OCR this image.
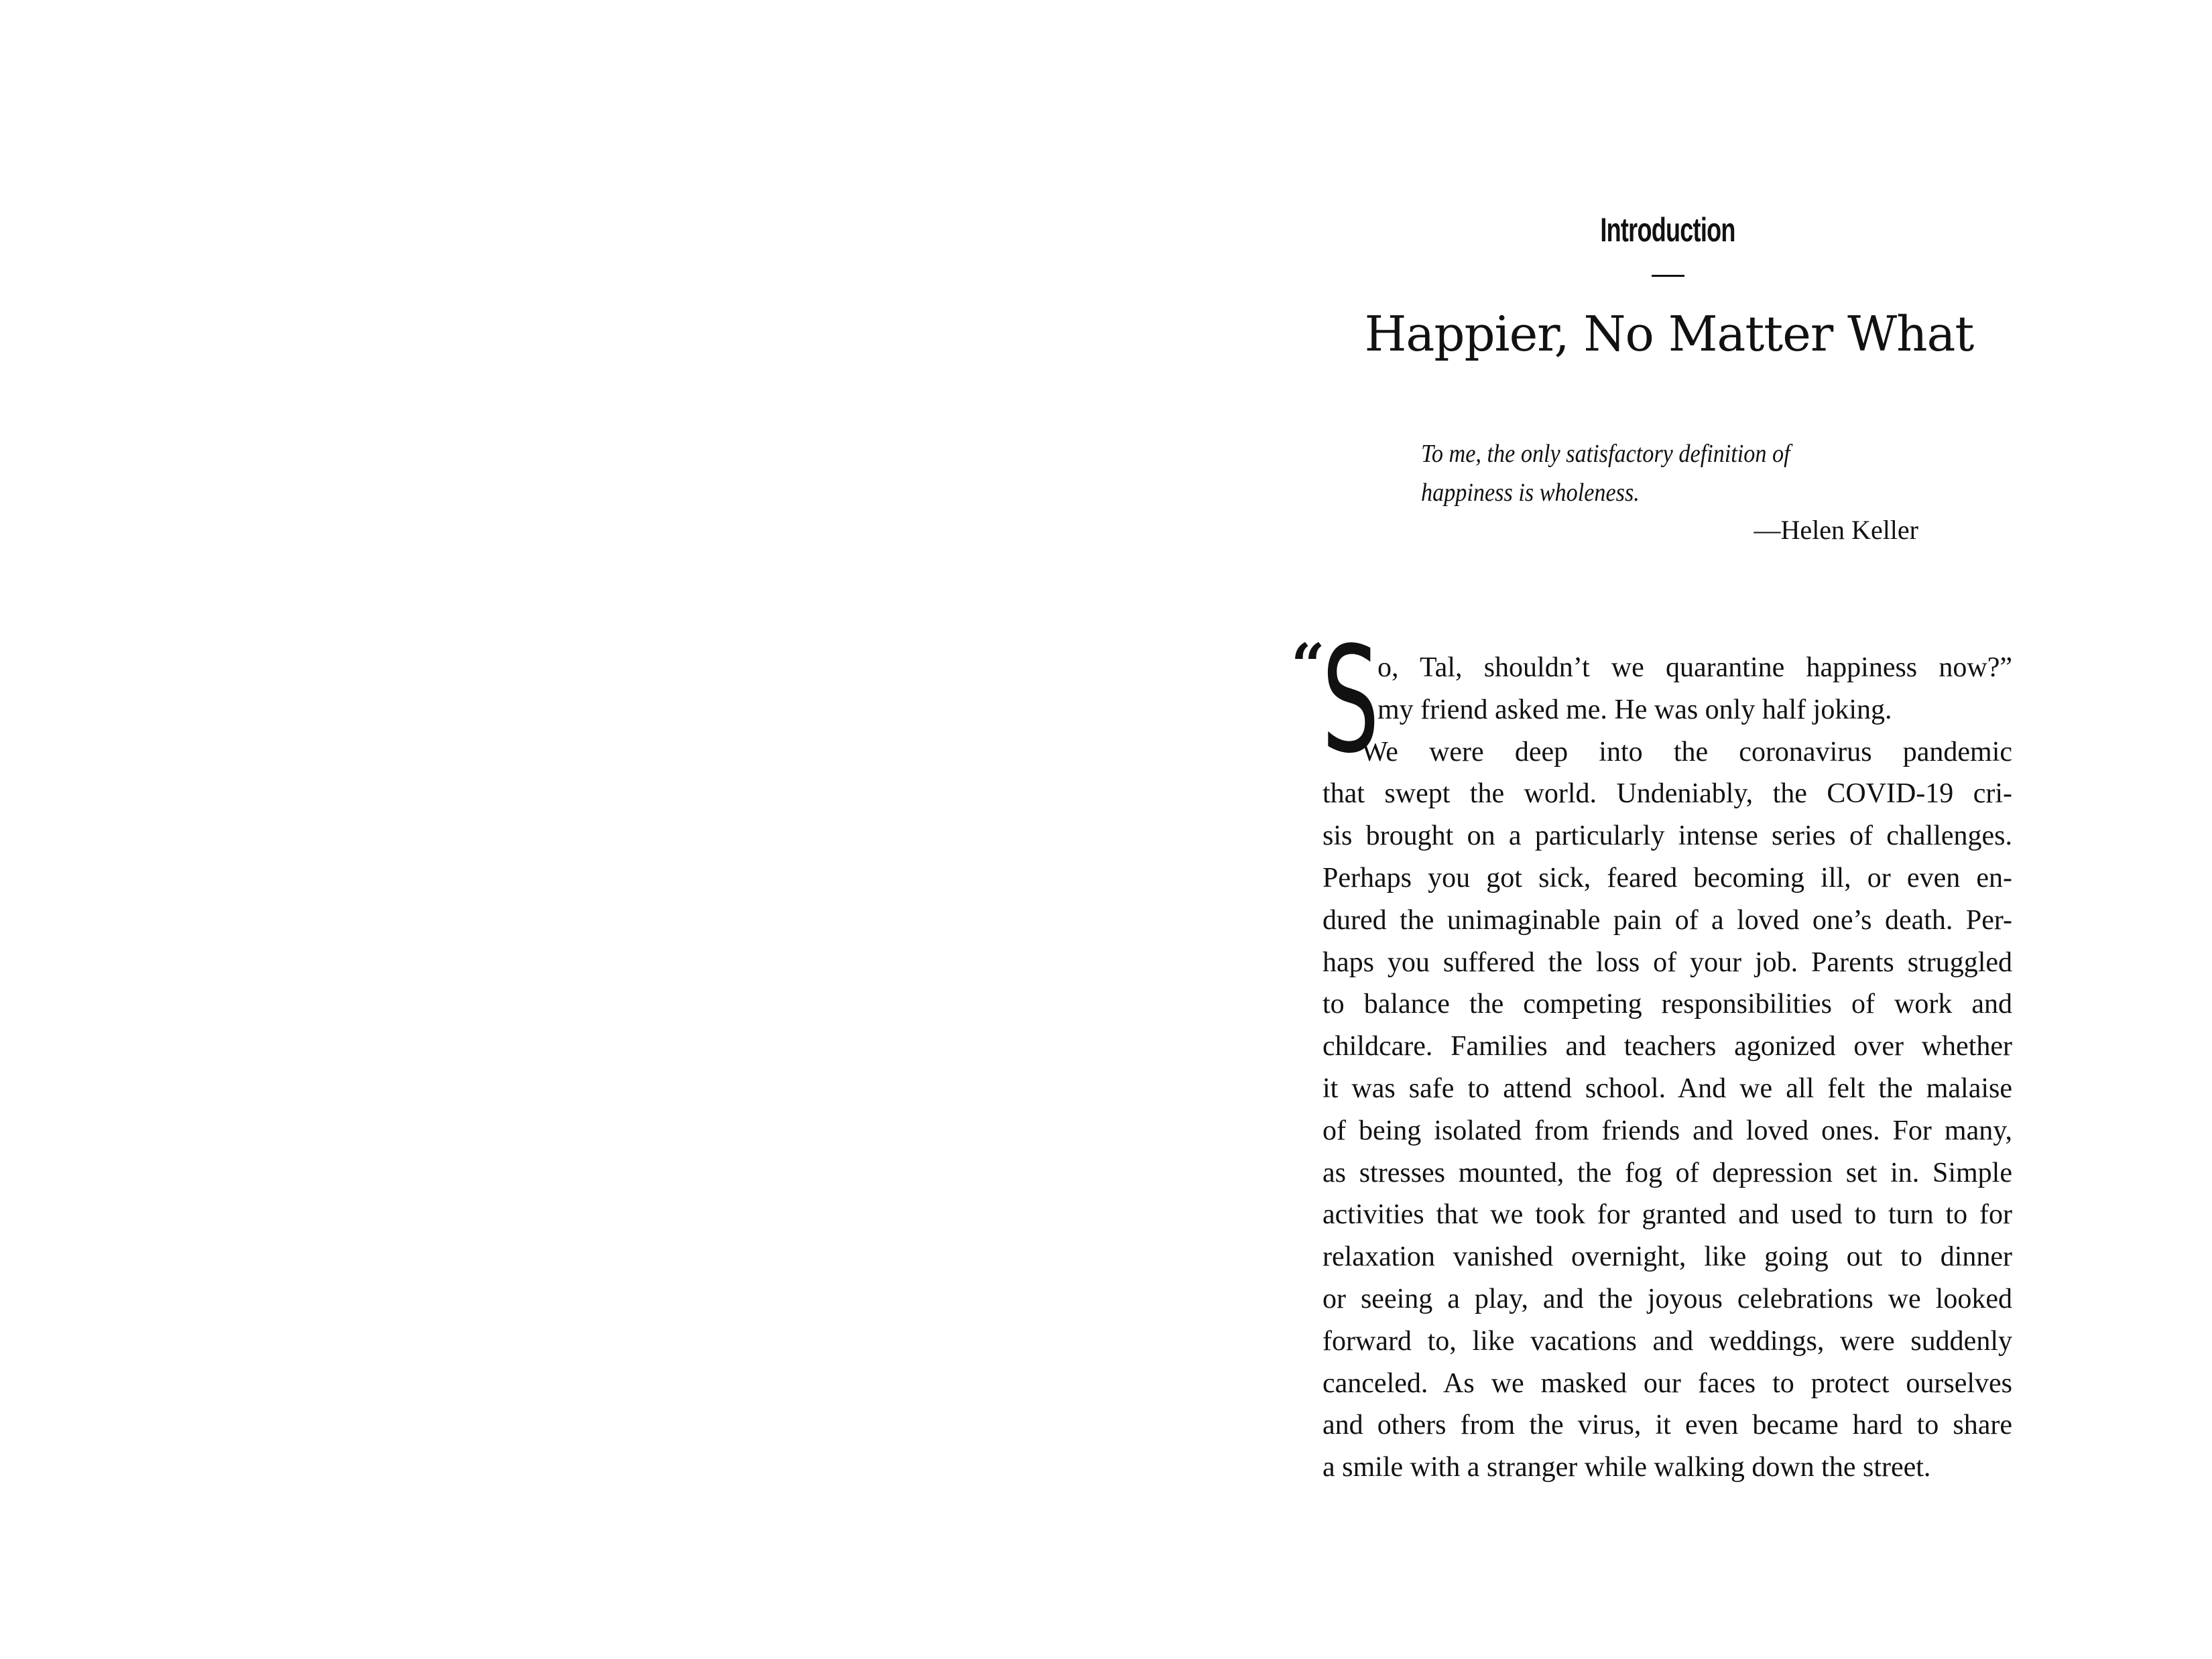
Introduction
Happier, No Matter What
To me, the only satisfactory definition of
happiness is wholeness.
—Helen Keller
“
S
o, Tal, shouldn’t we quarantine happiness now?”
my friend asked me. He was only half joking.
We were deep into the coronavirus pandemic
that swept the world. Undeniably, the COVID-19 cri-
sis brought on a particularly intense series of challenges.
Perhaps you got sick, feared becoming ill, or even en-
dured the unimaginable pain of a loved one’s death. Per-
haps you suffered the loss of your job. Parents struggled
to balance the competing responsibilities of work and
childcare. Families and teachers agonized over whether
it was safe to attend school. And we all felt the malaise
of being isolated from friends and loved ones. For many,
as stresses mounted, the fog of depression set in. Simple
activities that we took for granted and used to turn to for
relaxation vanished overnight, like going out to dinner
or seeing a play, and the joyous celebrations we looked
forward to, like vacations and weddings, were suddenly
canceled. As we masked our faces to protect ourselves
and others from the virus, it even became hard to share
a smile with a stranger while walking down the street.
